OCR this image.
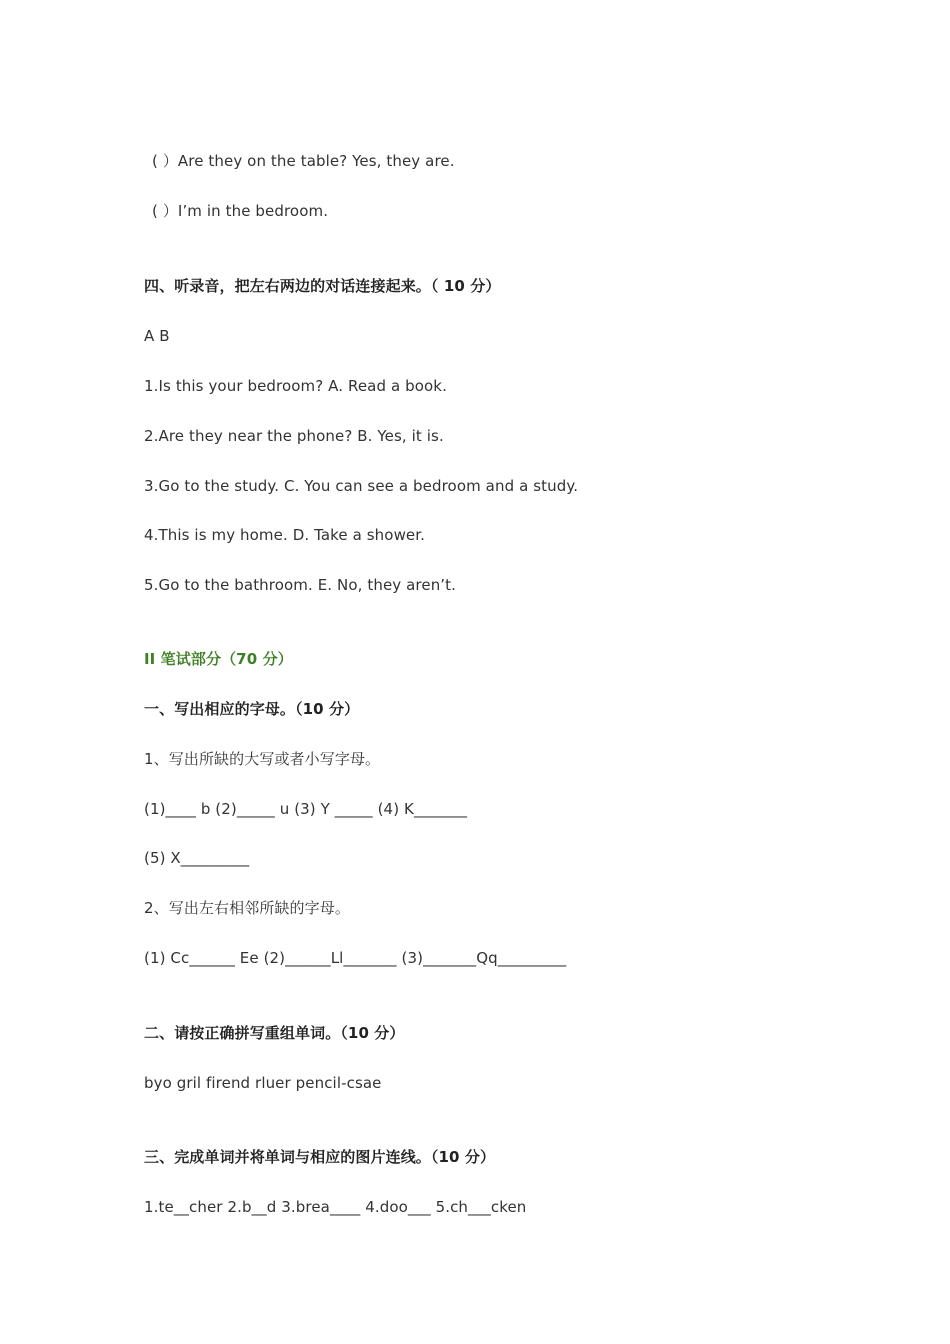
( ）Are they on the table? Yes, they are.
( ）I’m in the bedroom.
四、听录音，把左右两边的对话连接起来。（ 10 分）
A B
1.Is this your bedroom? A. Read a book.
2.Are they near the phone? B. Yes, it is.
3.Go to the study. C. You can see a bedroom and a study.
4.This is my home. D. Take a shower.
5.Go to the bathroom. E. No, they aren’t.
II 笔试部分（70 分）
一、写出相应的字母。（10 分）
1、写出所缺的大写或者小写字母。
(1)____ b (2)_____ u (3) Y _____ (4) K_______
(5) X_________
2、写出左右相邻所缺的字母。
(1) Cc______ Ee (2)______Ll_______ (3)_______Qq_________
二、请按正确拼写重组单词。（10 分）
byo gril firend rluer pencil-csae
三、完成单词并将单词与相应的图片连线。（10 分）
1.te__cher 2.b__d 3.brea____ 4.doo___ 5.ch___cken
